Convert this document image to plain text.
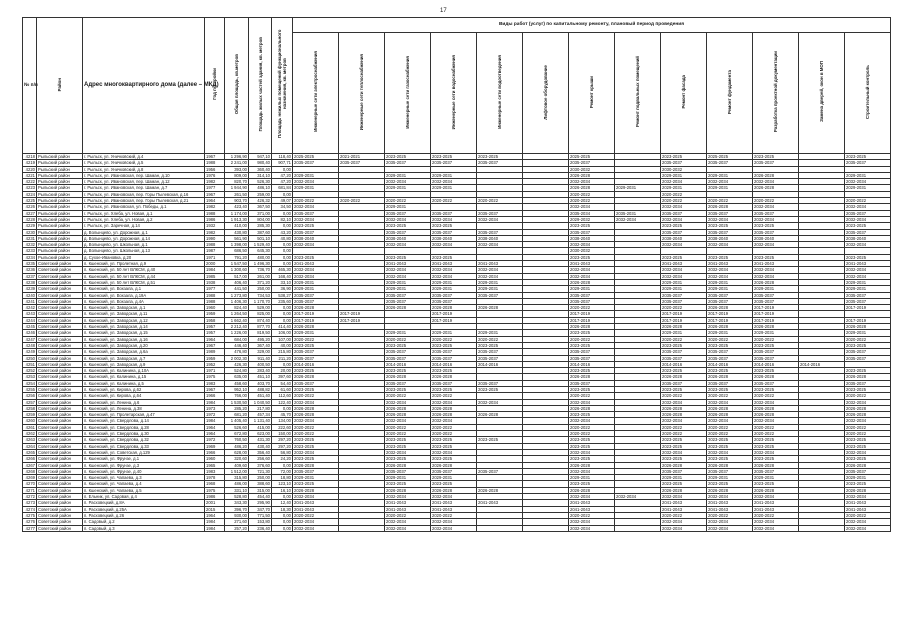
17
№ п/п	Район	Адрес многоквартирного дома (далее – МКД)	Год постройки	Общая площадь, кв.метров	Площадь жилых частей здания, кв. метров	Площадь нежилых помещений функционального назначения, кв. метров	Виды работ (услуг) по капитальному ремонту, плановый период проведения												
							Инженерные сети электроснабжения	Инженерные сети теплоснабжения	Инженерные сети газоснабжения	Инженерные сети водоснабжения	Инженерные сети водоотведения	Лифтовое оборудование	Ремонт крыши	Ремонт подвальных помещений	Ремонт фасада	Ремонт фундамента	Разработка проектной документации	Замена дверей, окон в МОП	Строительный контроль
4218	Рыльский район	г. Рыльск, ул. Уничковский, д.4	1967	1 296,90	947,10	118,40	2025-2025	2021-2021	2023-2025	2023-2025	2023-2025		2025-2025		2023-2025	2025-2025	2023-2025		2023-2025
4219	Рыльский район	г. Рыльск, ул. Уничковский, д.5	1988	2 241,00	980,40	907,71	2035-2037	2035-2037	2035-2037	2035-2037	2035-2037		2035-2037		2035-2037	2035-2037	2035-2037		2035-2037
4220	Рыльский район	г. Рыльск, ул. Уничковский, д.8	1956	393,00	360,40	0,00							2030-2032		2030-2032				
4221	Рыльский район	г. Рыльск, ул. Ивановская, пер. Шаман, д.10	1976	809,00	314,10	47,20	2029-2031		2029-2031	2029-2031			2026-2028		2029-2031	2029-2031	2026-2028		2029-2031
4222	Рыльский район	г. Рыльск, ул. Ивановская, пер. Шаман, д.12	1982	820,70	526,30	47,20	2032-2034		2032-2034	2032-2034			2032-2034		2032-2034	2032-2034	2032-2034		2032-2034
4223	Рыльский район	г. Рыльск, ул. Ивановская, пер. Шаман, д.7	1977	1 944,90	486,10	681,84	2029-2031		2029-2031	2029-2031			2026-2028	2029-2031	2029-2031	2029-2031	2026-2028		2029-2031
4224	Рыльский район	г. Рыльск, ул. Ивановская, пер. Горы Пылевская, д.16	1967	261,50	259,00	0,00							2020-2022		2020-2022				
4225	Рыльский район	г. Рыльск, ул. Ивановская, пер. Горы Пылевская, д.21	1964	903,70	426,32	49,07	2020-2022	2020-2022	2020-2022	2020-2022	2020-2022		2020-2022		2020-2022	2020-2022	2020-2022		2020-2022
4226	Рыльский район	г. Рыльск, ул. Ивановская, ул. Победы, д.1	1982	423,40	367,50	34,50	2032-2034		2029-2031				2032-2034		2032-2034	2026-2028	2032-2034		2032-2034
4227	Рыльский район	г. Рыльск, ул. Хлеба, ул. Новая, д.1	1988	1 174,00	371,00	0,00	2035-2037		2035-2037	2035-2037	2035-2037		2035-2034	2035-2031	2035-2037	2035-2037	2035-2037		2035-2037
4228	Рыльский район	г. Рыльск, ул. Хлеба, ул. Новая, д.2	1986	1 913,30	804,00	82,10	2032-2034		2032-2034	2032-2034	2032-2034		2029-2032	2032-2034	2032-2034	2032-2034	2032-2034		2032-2034
4229	Рыльский район	г. Рыльск, ул. Заречная, д.14	1932	410,00	285,30	0,00	2023-2025		2023-2025	2023-2025			2023-2025		2023-2025	2023-2025	2023-2025		2023-2025
4230	Рыльский район	д. Волынцево, ул. Дорожная, д.1	1982	430,80	387,60	43,20	2035-2037		2035-2037	2035-2037	2035-2037		2035-2037		2035-2037	2035-2037	2035-2037		2035-2037
4231	Рыльский район	д. Волынцево, ул. Дорожная, д.14	1990	561,90	501,10	40,80	2038-2040		2038-2040	2038-2040	2038-2040		2038-2040		2038-2040	2038-2040	2038-2040		2038-2040
4232	Рыльский район	д. Волынцево, ул. Школьная, д.1	1988	1 398,00	1 529,40	0,00	2032-2034		2032-2034	2032-2034	2032-2034		2032-2034		2032-2034	2032-2034	2032-2034		2032-2034
4233	Рыльский район	д. Волынцево, ул. Школьная, д.13	1987	686,50	645,30	0,00							2030-2032						
4234	Рыльский район	д. Сухое-Ивановка, д.20	1971	791,20	480,00	0,00	2023-2025		2023-2025	2023-2025			2023-2025		2023-2025	2023-2025	2023-2025		2023-2025
4235	Советский район	п. Кшенский, ул. Пролетная, д.9	2000	1 547,50	1 496,30	0,00	2041-2043		2041-2043	2041-2043	2041-2043		2041-2043		2041-2043	2041-2043	2041-2043		2041-2043
4236	Советский район	п. Кшенский, ул. 50 лет ВЛКСМ, д.40	1984	1 300,60	736,70	465,30	2032-2034		2032-2034	2032-2034	2032-2034		2032-2034		2032-2034	2032-2034	2032-2034		2032-2034
4237	Советский район	п. Кшенский, ул. 50 лет ВЛКСМ, д.44	1985	517,00	261,00	168,40	2032-2034		2032-2034	2032-2034	2032-2034		2032-2034		2032-2034	2032-2034	2032-2034		2032-2034
4238	Советский район	п. Кшенский, ул. 50 лет ВЛКСМ, д.51	1938	406,40	371,20	33,10	2029-2031		2029-2031	2029-2031	2029-2031		2026-2028		2029-2031	2029-2031	2026-2028		2029-2031
4239	Советский район	п. Кшенский, ул. Вокзала, д.1	1977	441,50	250,00	36,90	2029-2031		2029-2031	2029-2031	2029-2031		2029-2031		2029-2031	2029-2031	2029-2031		2029-2031
4240	Советский район	п. Кшенский, ул. Вокзала, д.19А	1988	1 273,80	734,53	538,27	2035-2037		2035-2037	2035-2037	2035-2037		2035-2037		2035-2037	2035-2037	2035-2037		2035-2037
4241	Советский район	п. Кшенский, ул. Вокзала, д.4А	1988	1 406,30	1 170,70	235,60	2035-2037		2035-2037	2035-2037			2035-2037		2035-2037	2035-2037	2035-2037		2035-2037
4242	Советский район	п. Кшенский, ул. Заводская, д.1	1960	824,40	529,00	0,00	2026-2028		2026-2028	2026-2028	2026-2028		2020-2022		2020-2022	2026-2028	2017-2019		2017-2019
4243	Советский район	п. Кшенский, ул. Заводская, д.11	1959	1 264,50	825,00	0,00	2017-2019	2017-2019		2017-2019			2017-2019		2017-2019	2017-2019	2017-2019		
4244	Советский район	п. Кшенский, ул. Заводская, д.12	1958	1 662,40	874,40	0,00	2017-2019	2017-2019		2017-2019			2017-2019		2017-2019	2017-2019	2017-2019		2017-2019
4245	Советский район	п. Кшенский, ул. Заводская, д.14	1957	2 212,40	877,70	414,40	2026-2028						2026-2028		2026-2028	2026-2028	2026-2028		2026-2028
4246	Советский район	п. Кшенский, ул. Заводская, д.15	1957	1 226,00	819,50	106,00	2029-2031		2029-2031	2029-2031	2029-2031		2023-2025		2029-2031	2029-2031	2029-2031		2029-2031
4247	Советский район	п. Кшенский, ул. Заводская, д.16	1964	684,00	495,20	107,00	2020-2022		2020-2022	2020-2022	2020-2022		2020-2022		2020-2022	2020-2022	2020-2022		2020-2022
4248	Советский район	п. Кшенский, ул. Заводская, д.20	1967	446,40	367,40	40,00	2023-2025		2023-2025	2023-2025	2023-2025		2023-2025		2023-2025	2023-2025	2023-2025		2023-2025
4249	Советский район	п. Кшенский, ул. Заводская, д.6а	1989	476,80	329,00	215,80	2035-2037		2035-2037	2035-2037	2035-2037		2035-2037		2035-2037	2035-2037	2035-2037		2035-2037
4250	Советский район	п. Кшенский, ул. Заводская, д.7	1959	2 002,30	911,40	211,20	2035-2037		2035-2037	2035-2037	2035-2037		2035-2037		2035-2037	2035-2037	2035-2037		2035-2037
4251	Советский район	п. Кшенский, ул. Заводская, д.9	1952	426,30	400,50	0,00	2014-2016		2014-2016	2014-2016	2014-2016		2014-2016		2014-2016	2014-2016	2014-2016	2014-2016	
4252	Советский район	п. Кшенский, ул. Калинина, д.10А	1971	524,80	283,40	20,00	2023-2025		2023-2025	2023-2025			2023-2025		2023-2025	2023-2025	2023-2025		2023-2025
4253	Советский район	п. Кшенский, ул. Калинина, д.15	1975	635,00	451,10	397,60	2026-2028		2026-2028	2026-2028			2026-2028		2026-2028	2026-2028	2026-2028		2026-2028
4254	Советский район	п. Кшенский, ул. Калинина, д.5	1983	458,60	403,70	54,40	2035-2037		2035-2037	2035-2037	2035-2037		2035-2037		2035-2037	2035-2037	2035-2037		2035-2037
4255	Советский район	п. Кшенский, ул. Кирова, д.62	1967	952,10	488,82	61,60	2023-2025		2023-2025	2023-2025	2023-2025		2023-2025		2023-2025	2023-2025	2023-2025		2023-2025
4256	Советский район	п. Кшенский, ул. Кирова, д.64	1966	766,00	451,40	112,60	2020-2022		2020-2022	2020-2022			2020-2022		2020-2022	2020-2022	2020-2022		2020-2022
4257	Советский район	п. Кшенский, ул. Ленина, д.6	1984	1 530,50	1 040,50	122,40	2032-2034		2032-2034	2032-2034	2032-2034		2032-2034		2032-2034	2032-2034	2032-2034		2032-2034
4258	Советский район	п. Кшенский, ул. Ленина, д.38	1973	285,20	217,80	0,00	2026-2028		2026-2028	2026-2028			2026-2028		2026-2028	2026-2028	2026-2028		2026-2028
4259	Советский район	п. Кшенский, ул. Пролетарская, д.47	1972	681,20	457,34	45,70	2026-2028		2026-2028	2026-2028	2026-2028		2023-2025		2026-2028	2026-2028	2026-2028		2026-2028
4260	Советский район	п. Кшенский, ул. Свердлова, д.14	1984	1 405,40	1 131,40	134,00	2032-2034		2032-2034	2032-2034			2032-2034		2032-2034	2032-2034	2032-2034		2032-2034
4261	Советский район	п. Кшенский, ул. Свердлова, д.28	1964	526,60	415,00	222,60	2020-2022		2020-2022	2020-2022			2020-2022		2020-2022	2020-2022	2020-2022		2020-2022
4262	Советский район	п. Кшенский, ул. Свердлова, д.30	1964	672,80	623,00	150,00	2020-2022		2020-2022	2020-2022			2020-2022		2020-2022	2020-2022	2020-2022		2020-2022
4263	Советский район	п. Кшенский, ул. Свердлова, д.32	1972	760,50	431,30	297,20	2023-2025		2023-2025	2023-2025	2023-2025		2023-2025		2023-2025	2023-2025	2023-2025		2023-2025
4264	Советский район	п. Кшенский, ул. Свердлова, д.33	1969	486,20	430,40	297,20	2023-2025		2023-2025	2023-2025			2023-2025		2023-2025	2023-2025	2023-2025		2023-2025
4265	Советский район	п. Кшенский, ул. Советская, д.129	1966	628,00	356,40	56,80	2032-2034		2032-2034	2032-2034			2032-2034		2032-2034	2032-2034	2032-2034		2032-2034
4266	Советский район	п. Кшенский, ул. Фрунзе, д.1	1960	320,60	256,60	24,20	2023-2025		2023-2025	2023-2025			2023-2025		2023-2025	2023-2025	2023-2025		2023-2025
4267	Советский район	п. Кшенский, ул. Фрунзе, д.3	1965	409,60	376,60	0,00	2026-2028		2026-2028	2026-2028			2026-2028		2026-2028	2026-2028	2026-2028		2026-2028
4268	Советский район	п. Кшенский, ул. Фрунзе, д.40	1983	1 512,00	721,30	72,00	2035-2037		2035-2037	2035-2037	2035-2037		2032-2034		2035-2037	2035-2037	2035-2037		2035-2037
4269	Советский район	п. Кшенский, ул. Чапаева, д.3	1978	315,80	250,00	18,80	2029-2031		2029-2031	2029-2031			2029-2031		2029-2031	2029-2031	2029-2031		2029-2031
4270	Советский район	п. Кшенский, ул. Чапаева, д.4	1968	486,00	388,60	123,10	2023-2025		2023-2025	2023-2025			2023-2025		2023-2025	2023-2025	2023-2025		2023-2025
4271	Советский район	п. Кшенский, ул. Чапаева, д.5	1975	331,10	315,00	16,10	2026-2028		2026-2028	2026-2028	2026-2028		2026-2028		2026-2028	2026-2028	2026-2028		2026-2028
4272	Советский район	п. Ельник, ул. Садовая, д.4	1986	528,80	454,40	0,00	2032-2034		2032-2034	2032-2034			2032-2034	2032-2034	2032-2034	2032-2034	2032-2034		2032-2034
4273	Советский район	п. Расховецкий, д.8А	2001	343,30	295,90	12,40	2041-2043		2041-2043	2041-2043	2041-2043		2041-2043		2041-2043	2041-2043	2041-2043		2041-2043
4274	Советский район	п. Расховецкий, д.25А	2015	396,70	347,70	18,30	2041-2043		2041-2043	2041-2043			2041-2043		2041-2043	2041-2043	2041-2043		2041-2043
4275	Советский район	п. Расховецкий, д.26	1964	930,00	771,50	0,00	2020-2022		2020-2022	2020-2022			2020-2022		2020-2022	2020-2022	2020-2022		2020-2022
4276	Советский район	п. Садовый, д.2	1984	271,60	153,80	0,00	2032-2034		2032-2034	2032-2034			2032-2034		2032-2034	2032-2034	2032-2034		2032-2034
4277	Советский район	п. Садовый, д.3	1984	257,20	236,40	0,00	2032-2034		2032-2034	2032-2034			2032-2034		2032-2034	2032-2034	2032-2034		2032-2034
